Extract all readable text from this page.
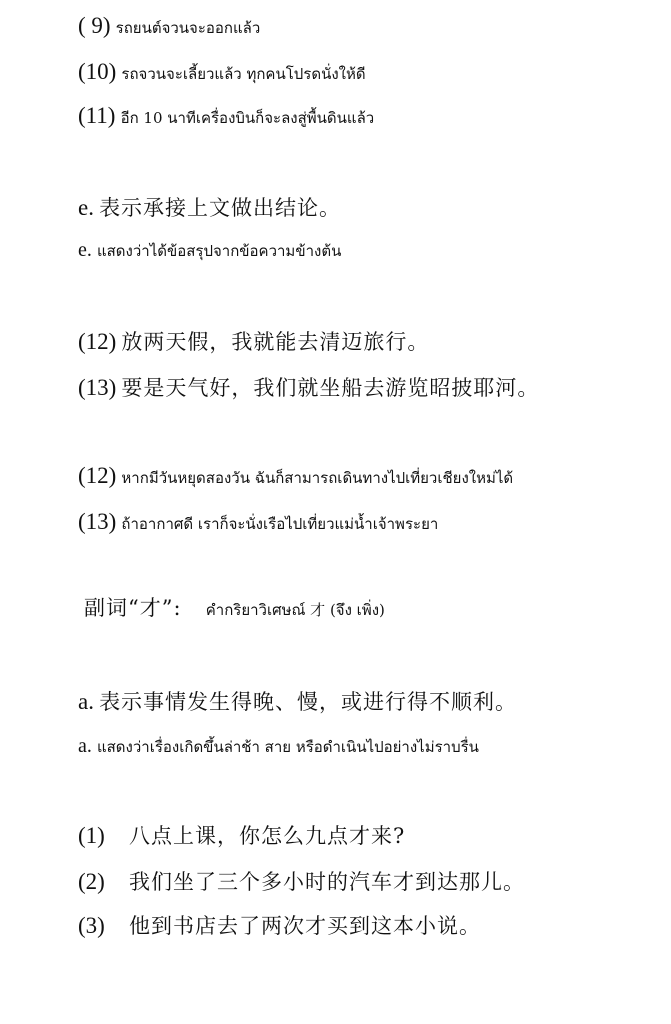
( 9) รถยนต์จวนจะออกแล้ว
(10) รถจวนจะเลี้ยวแล้ว ทุกคนโปรดนั่งให้ดี
(11) อีก 10 นาทีเครื่องบินก็จะลงสู่พื้นดินแล้ว
e. 表示承接上文做出结论。
e. แสดงว่าได้ข้อสรุปจากข้อความข้างต้น
(12) 放两天假，我就能去清迈旅行。
(13) 要是天气好，我们就坐船去游览昭披耶河。
(12) หากมีวันหยุดสองวัน ฉันก็สามารถเดินทางไปเที่ยวเชียงใหม่ได้
(13) ถ้าอากาศดี เราก็จะนั่งเรือไปเที่ยวแม่น้ำเจ้าพระยา
副词“才”: คำกริยาวิเศษณ์ 才 (จึง เพิ่ง)
a. 表示事情发生得晚、慢，或进行得不顺利。
a. แสดงว่าเรื่องเกิดขึ้นล่าช้า สาย หรือดำเนินไปอย่างไม่ราบรื่น
(1) 八点上课，你怎么九点才来?
(2) 我们坐了三个多小时的汽车才到达那儿。
(3) 他到书店去了两次才买到这本小说。
